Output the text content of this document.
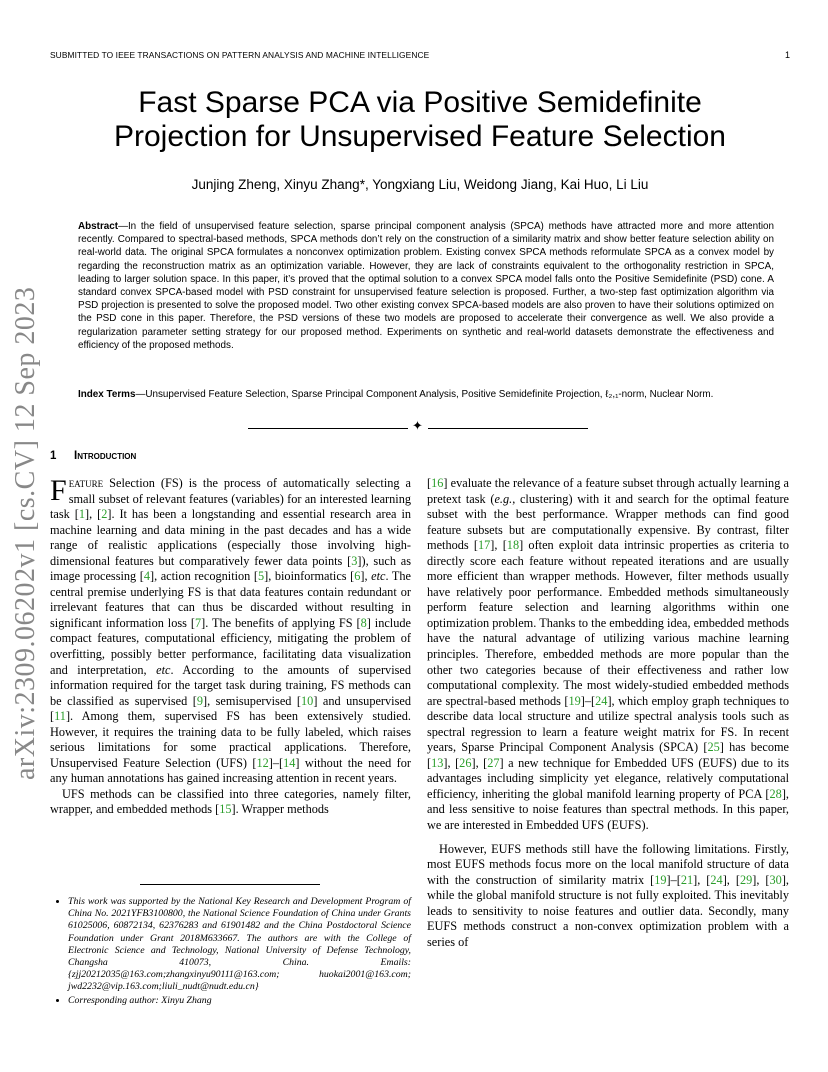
SUBMITTED TO IEEE TRANSACTIONS ON PATTERN ANALYSIS AND MACHINE INTELLIGENCE	1
Fast Sparse PCA via Positive Semidefinite
Projection for Unsupervised Feature Selection
Junjing Zheng, Xinyu Zhang*, Yongxiang Liu, Weidong Jiang, Kai Huo, Li Liu
Abstract—In the field of unsupervised feature selection, sparse principal component analysis (SPCA) methods have attracted more and more attention recently. Compared to spectral-based methods, SPCA methods don’t rely on the construction of a similarity matrix and show better feature selection ability on real-world data. The original SPCA formulates a nonconvex optimization problem. Existing convex SPCA methods reformulate SPCA as a convex model by regarding the reconstruction matrix as an optimization variable. However, they are lack of constraints equivalent to the orthogonality restriction in SPCA, leading to larger solution space. In this paper, it’s proved that the optimal solution to a convex SPCA model falls onto the Positive Semidefinite (PSD) cone. A standard convex SPCA-based model with PSD constraint for unsupervised feature selection is proposed. Further, a two-step fast optimization algorithm via PSD projection is presented to solve the proposed model. Two other existing convex SPCA-based models are also proven to have their solutions optimized on the PSD cone in this paper. Therefore, the PSD versions of these two models are proposed to accelerate their convergence as well. We also provide a regularization parameter setting strategy for our proposed method. Experiments on synthetic and real-world datasets demonstrate the effectiveness and efficiency of the proposed methods.
Index Terms—Unsupervised Feature Selection, Sparse Principal Component Analysis, Positive Semidefinite Projection, ℓ₂,₁-norm, Nuclear Norm.
✦
arXiv:2309.06202v1 [cs.CV] 12 Sep 2023 1 Introduction

Feature Selection (FS) is the process of automatically selecting a small subset of relevant features (variables) for an interested learning task [1], [2]. It has been a longstanding and essential research area in machine learning and data mining in the past decades and has a wide range of realistic applications (especially those involving high-dimensional features but comparatively fewer data points [3]), such as image processing [4], action recognition [5], bioinformatics [6], etc. The central premise underlying FS is that data features contain redundant or irrelevant features that can thus be discarded without resulting in significant information loss [7]. The benefits of applying FS [8] include compact features, computational efficiency, mitigating the problem of overfitting, possibly better performance, facilitating data visualization and interpretation, etc. According to the amounts of supervised information required for the target task during training, FS methods can be classified as supervised [9], semisupervised [10] and unsupervised [11]. Among them, supervised FS has been extensively studied. However, it requires the training data to be fully labeled, which raises serious limitations for some practical applications. Therefore, Unsupervised Feature Selection (UFS) [12]–[14] without the need for any human annotations has gained increasing attention in recent years.

UFS methods can be classified into three categories, namely filter, wrapper, and embedded methods [15]. Wrapper methods

• This work was supported by the National Key Research and Development Program of China No. 2021YFB3100800, the National Science Foundation of China under Grants 61025006, 60872134, 62376283 and 61901482 and the China Postdoctoral Science Foundation under Grant 2018M633667. The authors are with the College of Electronic Science and Technology, National University of Defense Technology, Changsha 410073, China. Emails: {zjj20212035@163.com;zhangxinyu90111@163.com; huokai2001@163.com; jwd2232@vip.163.com;liuli_nudt@nudt.edu.cn}
• Corresponding author: Xinyu Zhang

[16] evaluate the relevance of a feature subset through actually learning a pretext task (e.g., clustering) with it and search for the optimal feature subset with the best performance. Wrapper methods can find good feature subsets but are computationally expensive. By contrast, filter methods [17], [18] often exploit data intrinsic properties as criteria to directly score each feature without repeated iterations and are usually more efficient than wrapper methods. However, filter methods usually have relatively poor performance. Embedded methods simultaneously perform feature selection and learning algorithms within one optimization problem. Thanks to the embedding idea, embedded methods have the natural advantage of utilizing various machine learning principles. Therefore, embedded methods are more popular than the other two categories because of their effectiveness and rather low computational complexity. The most widely-studied embedded methods are spectral-based methods [19]–[24], which employ graph techniques to describe data local structure and utilize spectral analysis tools such as spectral regression to learn a feature weight matrix for FS. In recent years, Sparse Principal Component Analysis (SPCA) [25] has become [13], [26], [27] a new technique for Embedded UFS (EUFS) due to its advantages including simplicity yet elegance, relatively computational efficiency, inheriting the global manifold learning property of PCA [28], and less sensitive to noise features than spectral methods. In this paper, we are interested in Embedded UFS (EUFS).

However, EUFS methods still have the following limitations. Firstly, most EUFS methods focus more on the local manifold structure of data with the construction of similarity matrix [19]–[21], [24], [29], [30], while the global manifold structure is not fully exploited. This inevitably leads to sensitivity to noise features and outlier data. Secondly, many EUFS methods construct a non-convex optimization problem with a series of
